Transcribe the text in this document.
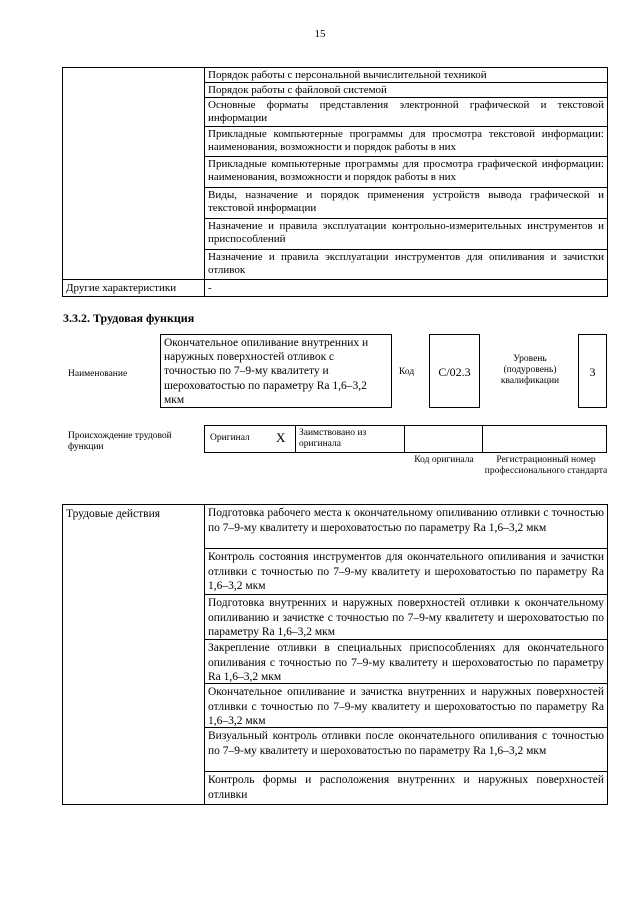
15
Порядок работы с персональной вычислительной техникой
Порядок работы с файловой системой
Основные форматы представления электронной графической и текстовой информации
Прикладные компьютерные программы для просмотра текстовой информации: наименования, возможности и порядок работы в них
Прикладные компьютерные программы для просмотра графической информации: наименования, возможности и порядок работы в них
Виды, назначение и порядок применения устройств вывода графической и текстовой информации
Назначение и правила эксплуатации контрольно-измерительных инструментов и приспособлений
Назначение и правила эксплуатации инструментов для опиливания и зачистки отливок
Другие характеристики	-
3.3.2. Трудовая функция
Наименование
Окончательное опиливание внутренних и наружных поверхностей отливок с точностью по 7–9-му квалитету и шероховатостью по параметру Ra 1,6–3,2 мкм
Код	C/02.3
Уровень (подуровень) квалификации
3
Происхождение трудовой функции
Оригинал X Заимствовано из оригинала
Код оригинала	Регистрационный номер профессионального стандарта
Трудовые действия	Подготовка рабочего места к окончательному опиливанию отливки с точностью по 7–9-му квалитету и шероховатостью по параметру Ra 1,6–3,2 мкм
Контроль состояния инструментов для окончательного опиливания и зачистки отливки с точностью по 7–9-му квалитету и шероховатостью по параметру Ra 1,6–3,2 мкм
Подготовка внутренних и наружных поверхностей отливки к окончательному опиливанию и зачистке с точностью по 7–9-му квалитету и шероховатостью по параметру Ra 1,6–3,2 мкм
Закрепление отливки в специальных приспособлениях для окончательного опиливания с точностью по 7–9-му квалитету и шероховатостью по параметру Ra 1,6–3,2 мкм
Окончательное опиливание и зачистка внутренних и наружных поверхностей отливки с точностью по 7–9-му квалитету и шероховатостью по параметру Ra 1,6–3,2 мкм
Визуальный контроль отливки после окончательного опиливания с точностью по 7–9-му квалитету и шероховатостью по параметру Ra 1,6–3,2 мкм
Контроль формы и расположения внутренних и наружных поверхностей отливки
